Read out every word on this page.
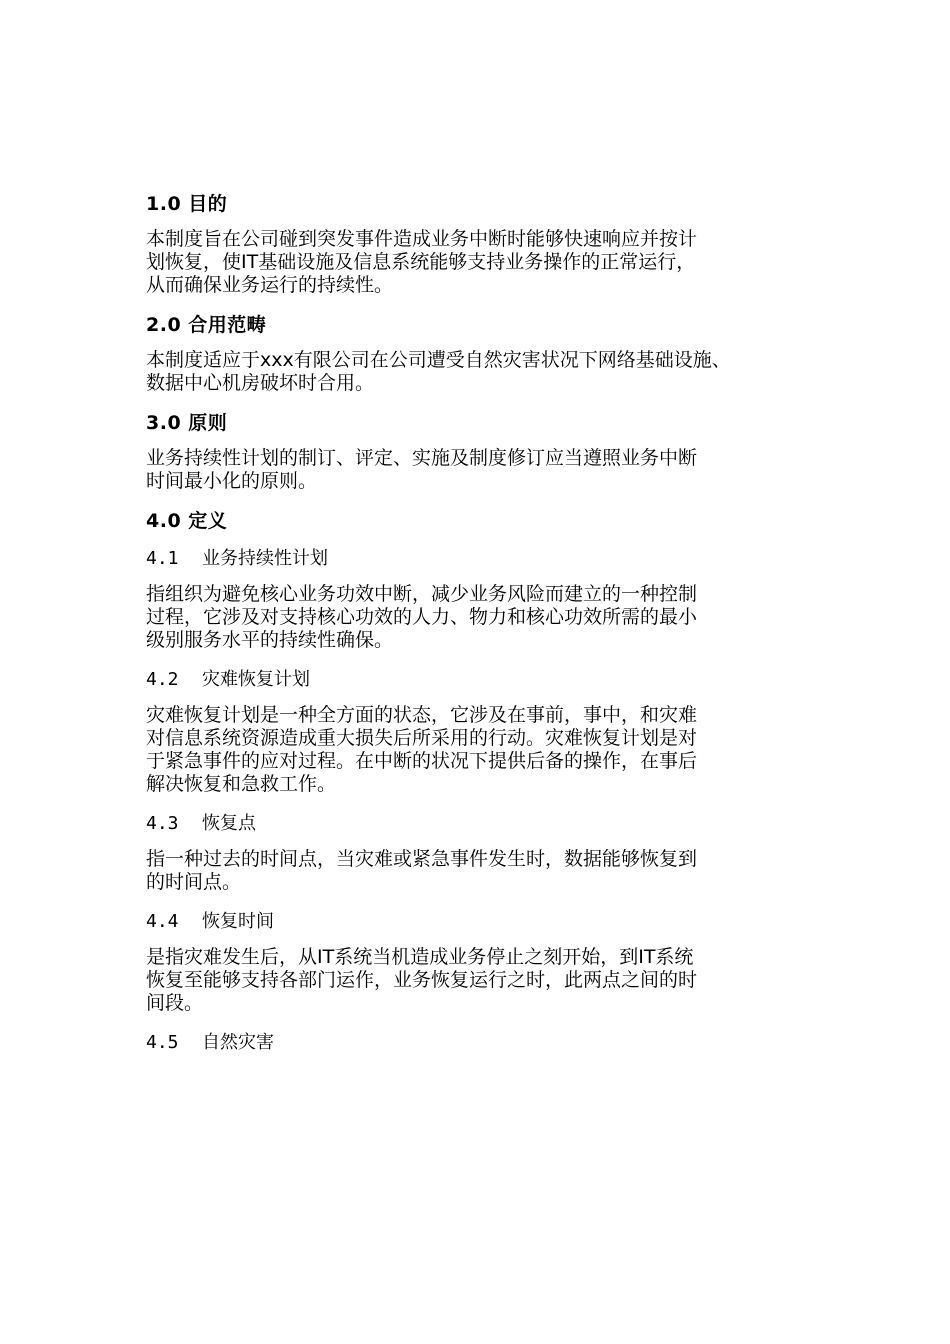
1.0 目的
本制度旨在公司碰到突发事件造成业务中断时能够快速响应并按计
划恢复，使IT基础设施及信息系统能够支持业务操作的正常运行，
从而确保业务运行的持续性。
2.0 合用范畴
本制度适应于xxx有限公司在公司遭受自然灾害状况下网络基础设施、
数据中心机房破坏时合用。
3.0 原则
业务持续性计划的制订、评定、实施及制度修订应当遵照业务中断
时间最小化的原则。
4.0 定义
4.1 业务持续性计划
指组织为避免核心业务功效中断，减少业务风险而建立的一种控制
过程，它涉及对支持核心功效的人力、物力和核心功效所需的最小
级别服务水平的持续性确保。
4.2 灾难恢复计划
灾难恢复计划是一种全方面的状态，它涉及在事前，事中，和灾难
对信息系统资源造成重大损失后所采用的行动。灾难恢复计划是对
于紧急事件的应对过程。在中断的状况下提供后备的操作，在事后
解决恢复和急救工作。
4.3 恢复点
指一种过去的时间点，当灾难或紧急事件发生时，数据能够恢复到
的时间点。
4.4 恢复时间
是指灾难发生后，从IT系统当机造成业务停止之刻开始，到IT系统
恢复至能够支持各部门运作，业务恢复运行之时，此两点之间的时
间段。
4.5 自然灾害
